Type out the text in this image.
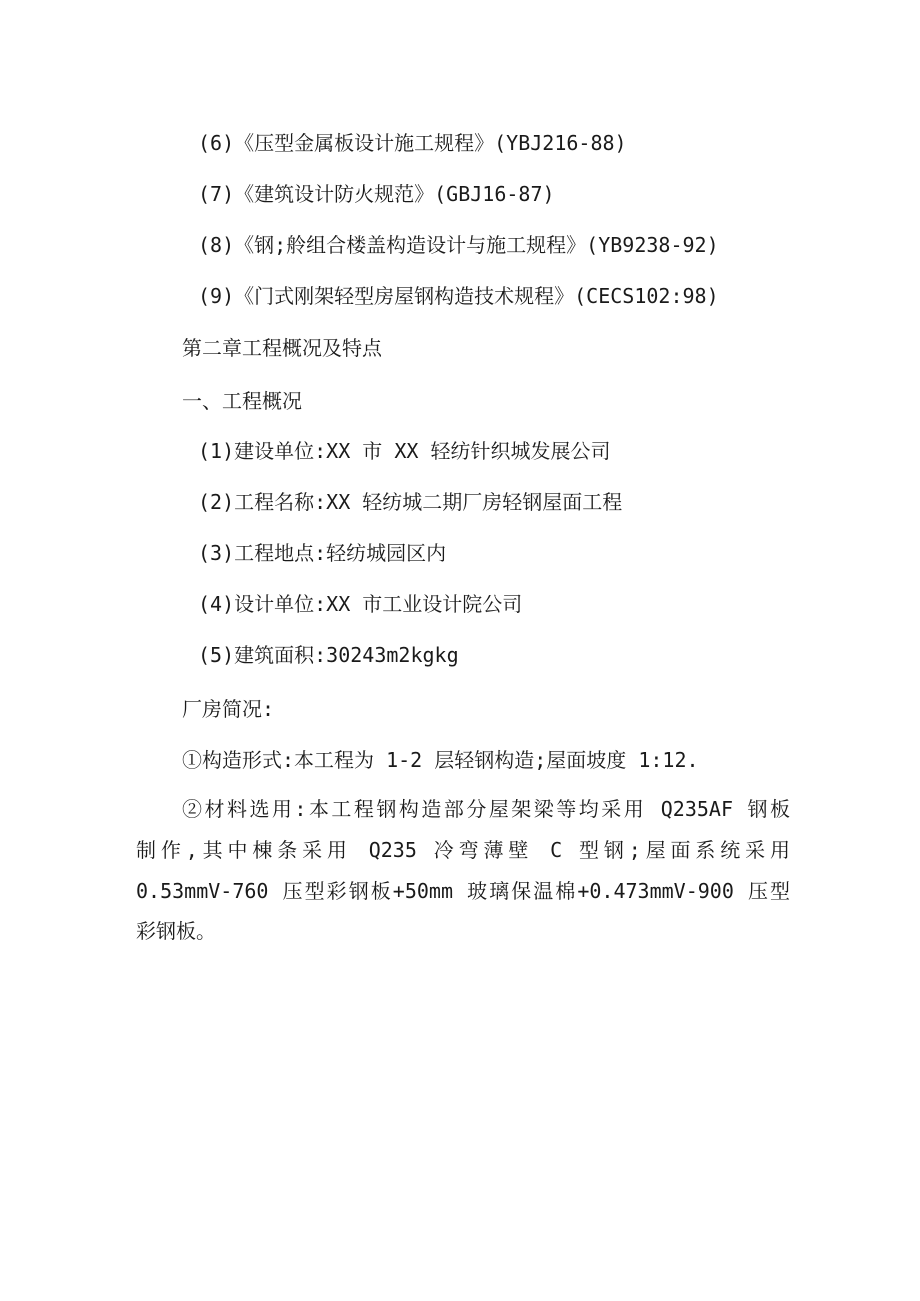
(6)《压型金属板设计施工规程》(YBJ216-88)
(7)《建筑设计防火规范》(GBJ16-87)
(8)《钢;舲组合楼盖构造设计与施工规程》(YB9238-92)
(9)《门式刚架轻型房屋钢构造技术规程》(CECS102:98)
第二章工程概况及特点
一、工程概况
(1)建设单位:XX 市 XX 轻纺针织城发展公司
(2)工程名称:XX 轻纺城二期厂房轻钢屋面工程
(3)工程地点:轻纺城园区内
(4)设计单位:XX 市工业设计院公司
(5)建筑面积:30243m2kgkg
厂房简况:
①构造形式:本工程为 1-2 层轻钢构造;屋面坡度 1:12.
②材料选用:本工程钢构造部分屋架梁等均采用 Q235AF 钢板
制作,其中棟条采用 Q235 冷弯薄壁 C 型钢;屋面系统采用
0.53mmV-760 压型彩钢板+50mm 玻璃保温棉+0.473mmV-900 压型
彩钢板。
